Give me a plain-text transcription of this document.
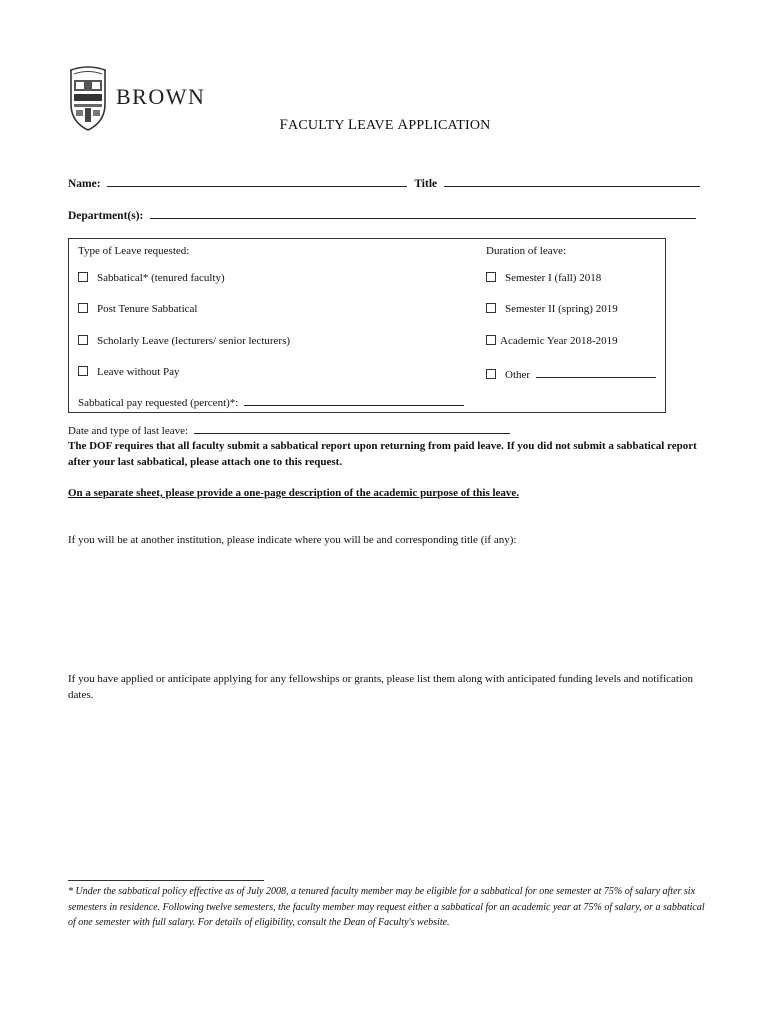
BROWN
FACULTY LEAVE APPLICATION
Name:	Title
Department(s):
Type of Leave requested:	Duration of leave:
Sabbatical* (tenured faculty)
Post Tenure Sabbatical
Scholarly Leave (lecturers/ senior lecturers)
Leave without Pay
Semester I (fall) 2018
Semester II (spring) 2019
Academic Year 2018-2019
Other
Sabbatical pay requested (percent)*:
Date and type of last leave:
The DOF requires that all faculty submit a sabbatical report upon returning from paid leave. If you did not submit a sabbatical report after your last sabbatical, please attach one to this request.
On a separate sheet, please provide a one-page description of the academic purpose of this leave.
If you will be at another institution, please indicate where you will be and corresponding title (if any):
If you have applied or anticipate applying for any fellowships or grants, please list them along with anticipated funding levels and notification dates.
* Under the sabbatical policy effective as of July 2008, a tenured faculty member may be eligible for a sabbatical for one semester at 75% of salary after six semesters in residence. Following twelve semesters, the faculty member may request either a sabbatical for an academic year at 75% of salary, or a sabbatical of one semester with full salary. For details of eligibility, consult the Dean of Faculty's website.
